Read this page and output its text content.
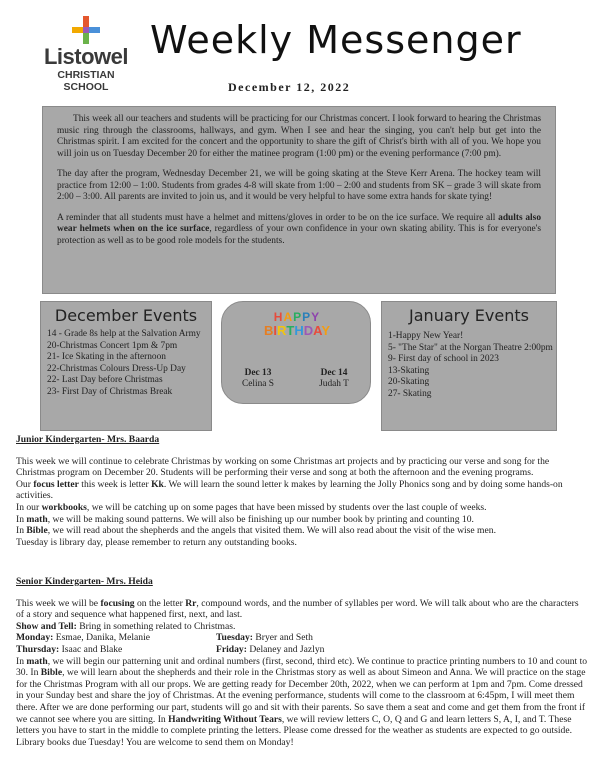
Listowel
CHRISTIAN SCHOOL
Weekly Messenger
December 12, 2022

This week all our teachers and students will be practicing for our Christmas concert. I look forward to hearing the Christmas music ring through the classrooms, hallways, and gym. When I see and hear the singing, you can't help but get into the Christmas spirit. I am excited for the concert and the opportunity to share the gift of Christ's birth with all of you. We hope you will join us on Tuesday December 20 for either the matinee program (1:00 pm) or the evening performance (7:00 pm).

The day after the program, Wednesday December 21, we will be going skating at the Steve Kerr Arena. The hockey team will practice from 12:00 – 1:00. Students from grades 4-8 will skate from 1:00 – 2:00 and students from SK – grade 3 will skate from 2:00 – 3:00. All parents are invited to join us, and it would be very helpful to have some extra hands for skate tying!

A reminder that all students must have a helmet and mittens/gloves in order to be on the ice surface. We require all adults also wear helmets when on the ice surface, regardless of your own confidence in your own skating ability. This is for everyone's protection as well as to be good role models for the students.

December Events
14 - Grade 8s help at the Salvation Army
20-Christmas Concert 1pm & 7pm
21- Ice Skating in the afternoon
22-Christmas Colours Dress-Up Day
22- Last Day before Christmas
23- First Day of Christmas Break
HAPPY
BIRTHDAY
Dec 13
Celina S
Dec 14
Judah T
January Events
1-Happy New Year!
5- "The Star" at the Norgan Theatre 2:00pm
9- First day of school in 2023
13-Skating
20-Skating
27- Skating
Junior Kindergarten- Mrs. Baarda

This week we will continue to celebrate Christmas by working on some Christmas art projects and by practicing our verse and song for the Christmas program on December 20. Students will be performing their verse and song at both the afternoon and the evening programs.

Our focus letter this week is letter Kk. We will learn the sound letter k makes by learning the Jolly Phonics song and by doing some hands-on activities.

In our workbooks, we will be catching up on some pages that have been missed by students over the last couple of weeks.

In math, we will be making sound patterns. We will also be finishing up our number book by printing and counting 10.

In Bible, we will read about the shepherds and the angels that visited them. We will also read about the visit of the wise men.

Tuesday is library day, please remember to return any outstanding books.

Senior Kindergarten- Mrs. Heida

This week we will be focusing on the letter Rr, compound words, and the number of syllables per word. We will talk about who are the characters of a story and sequence what happened first, next, and last.

Show and Tell: Bring in something related to Christmas.

Monday: Esmae, Danika, Melanie	Tuesday: Bryer and Seth
Thursday: Isaac and Blake	Friday: Delaney and Jazlyn

In math, we will begin our patterning unit and ordinal numbers (first, second, third etc). We continue to practice printing numbers to 10 and count to 30. In Bible, we will learn about the shepherds and their role in the Christmas story as well as about Simeon and Anna. We will practice on the stage for the Christmas Program with all our props. We are getting ready for December 20th, 2022, when we can perform at 1pm and 7pm. Come dressed in your Sunday best and share the joy of Christmas. At the evening performance, students will come to the classroom at 6:45pm, I will meet them there. After we are done performing our part, students will go and sit with their parents. So save them a seat and come and get them from the front if we cannot see where you are sitting. In Handwriting Without Tears, we will review letters C, O, Q and G and learn letters S, A, I, and T. These letters you have to start in the middle to complete printing the letters. Please come dressed for the weather as students are expected to go outside. Library books due Tuesday! You are welcome to send them on Monday!
